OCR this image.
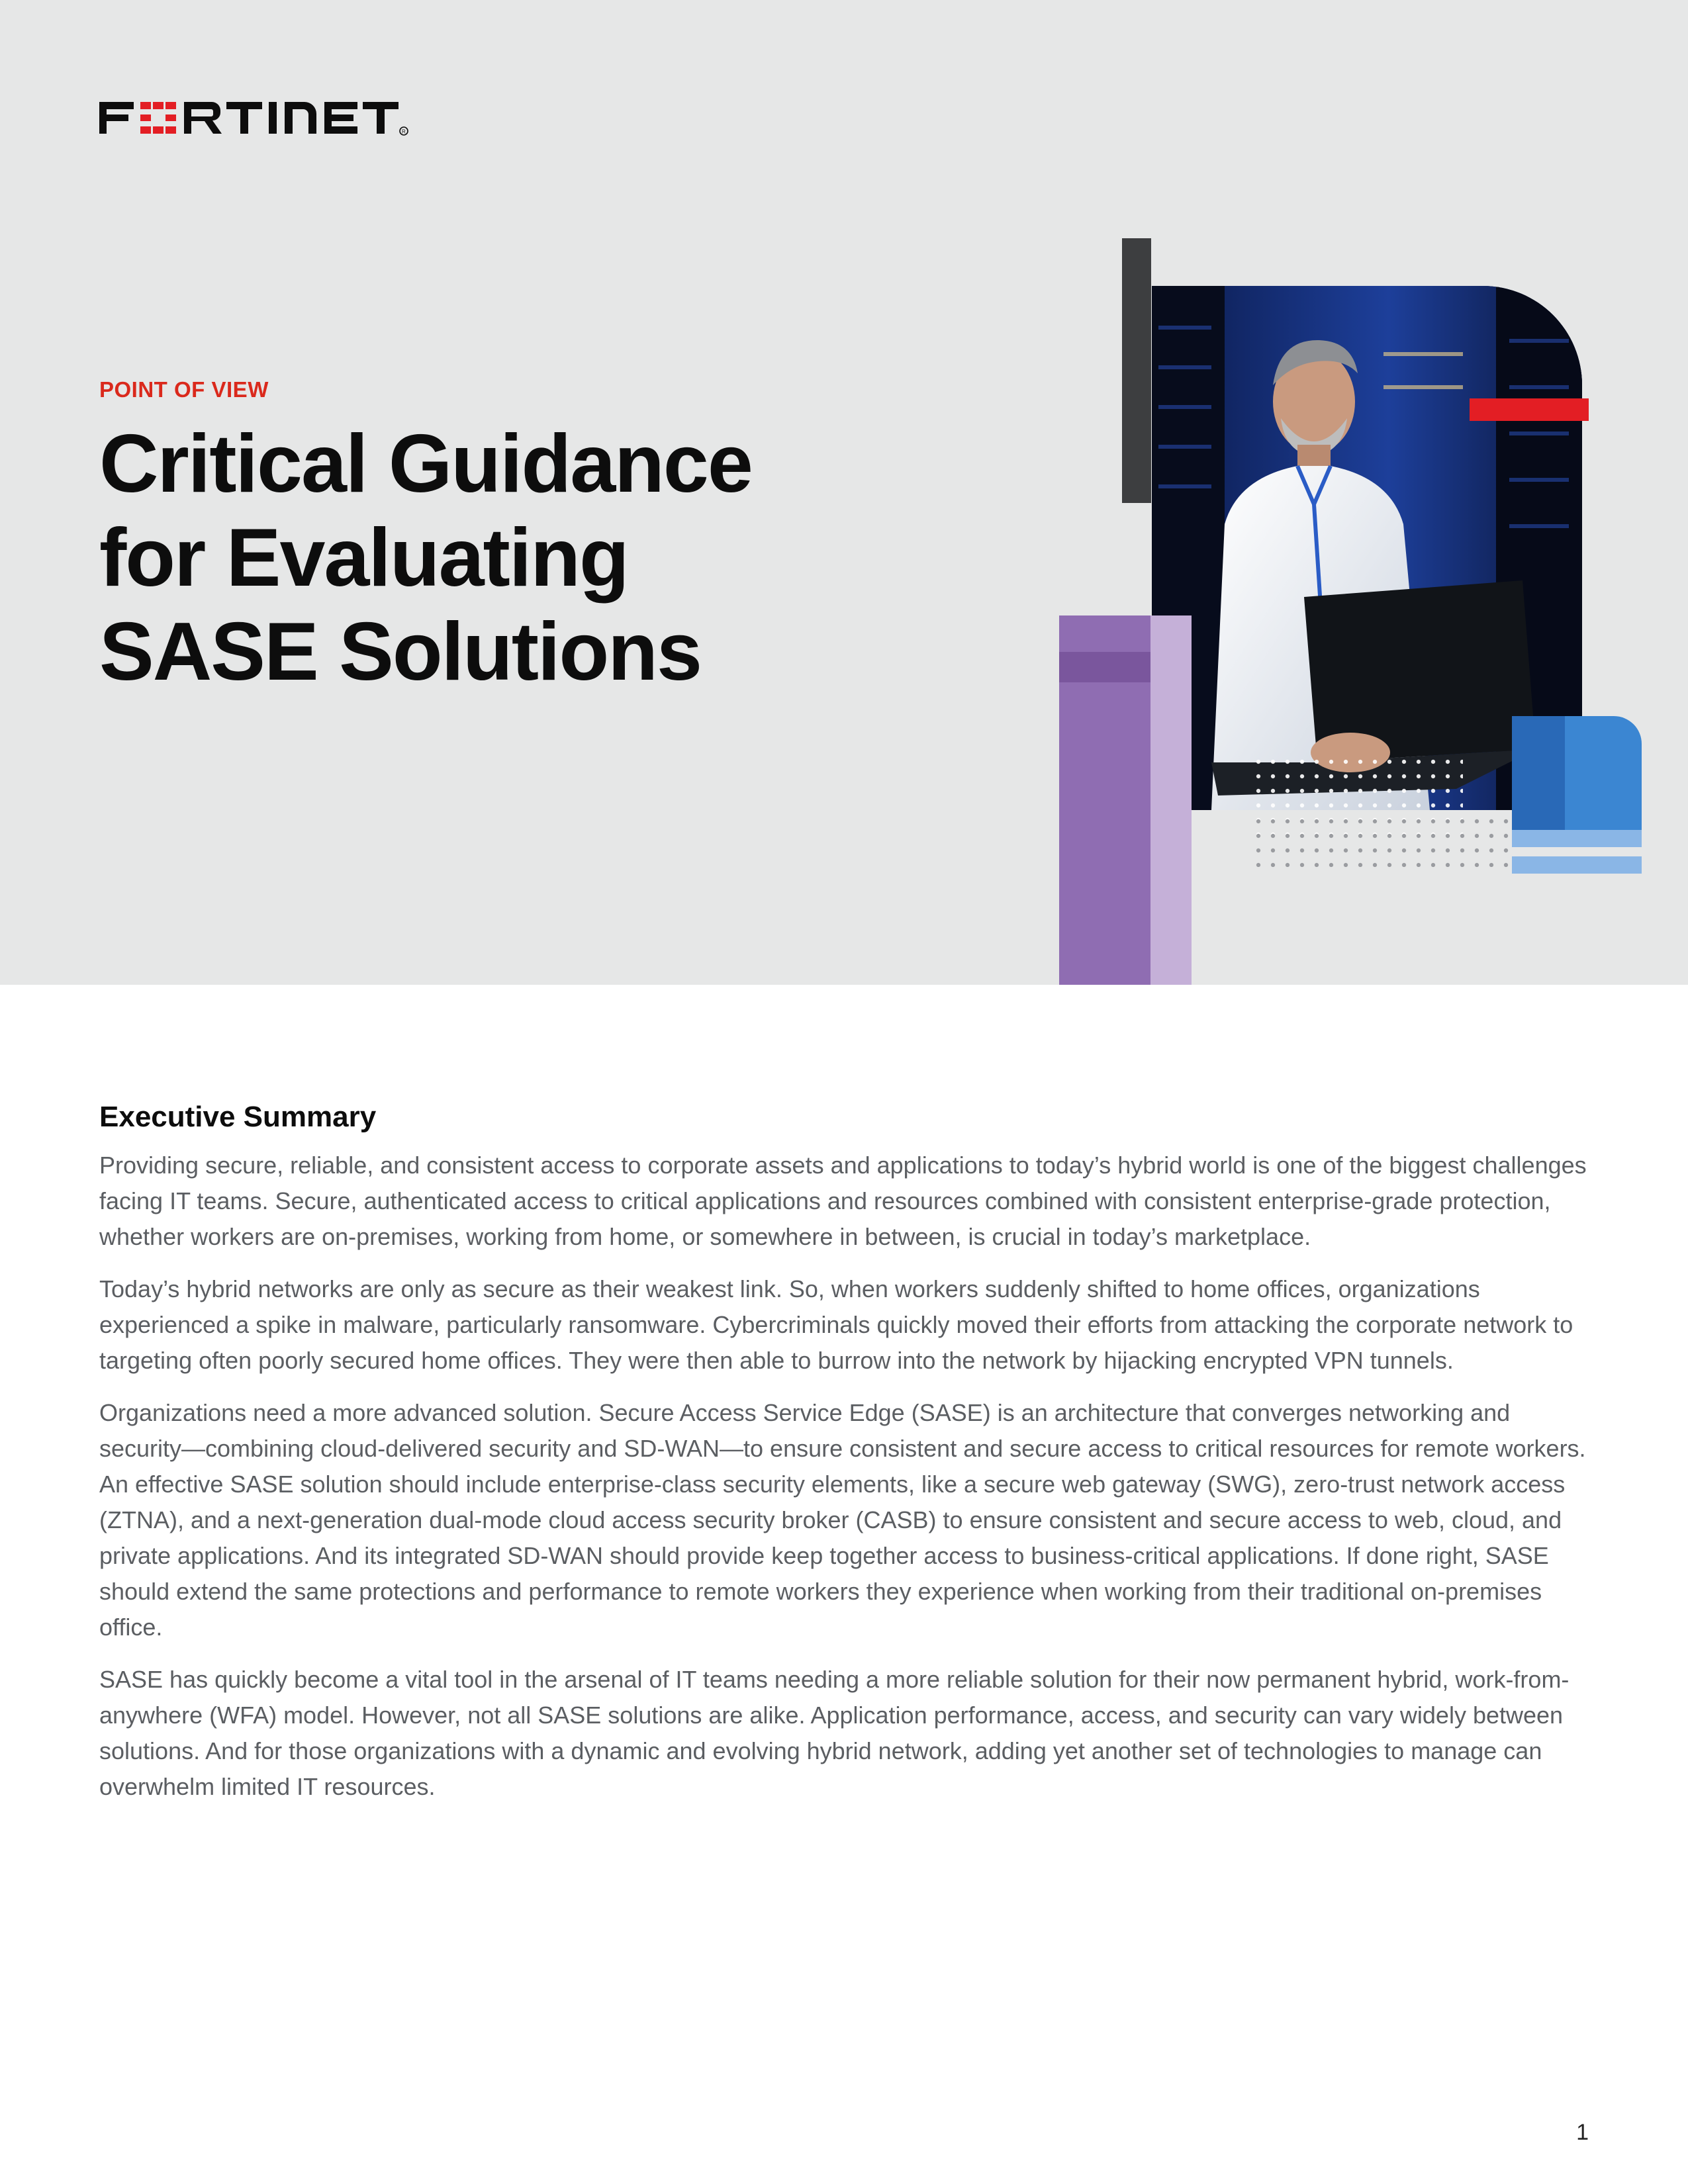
R
POINT OF VIEW
Critical Guidance
for Evaluating
SASE Solutions
Executive Summary

Providing secure, reliable, and consistent access to corporate assets and applications to today’s hybrid world is one of the biggest challenges facing IT teams. Secure, authenticated access to critical applications and resources combined with consistent enterprise-grade protection, whether workers are on-premises, working from home, or somewhere in between, is crucial in today’s marketplace.

Today’s hybrid networks are only as secure as their weakest link. So, when workers suddenly shifted to home offices, organizations experienced a spike in malware, particularly ransomware. Cybercriminals quickly moved their efforts from attacking the corporate network to targeting often poorly secured home offices. They were then able to burrow into the network by hijacking encrypted VPN tunnels.

Organizations need a more advanced solution. Secure Access Service Edge (SASE) is an architecture that converges networking and security—combining cloud-delivered security and SD-WAN—to ensure consistent and secure access to critical resources for remote workers. An effective SASE solution should include enterprise-class security elements, like a secure web gateway (SWG), zero-trust network access (ZTNA), and a next-generation dual-mode cloud access security broker (CASB) to ensure consistent and secure access to web, cloud, and private applications. And its integrated SD-WAN should provide keep together access to business-critical applications. If done right, SASE should extend the same protections and performance to remote workers they experience when working from their traditional on-premises office.

SASE has quickly become a vital tool in the arsenal of IT teams needing a more reliable solution for their now permanent hybrid, work-from-anywhere (WFA) model. However, not all SASE solutions are alike. Application performance, access, and security can vary widely between solutions. And for those organizations with a dynamic and evolving hybrid network, adding yet another set of technologies to manage can overwhelm limited IT resources.

1
